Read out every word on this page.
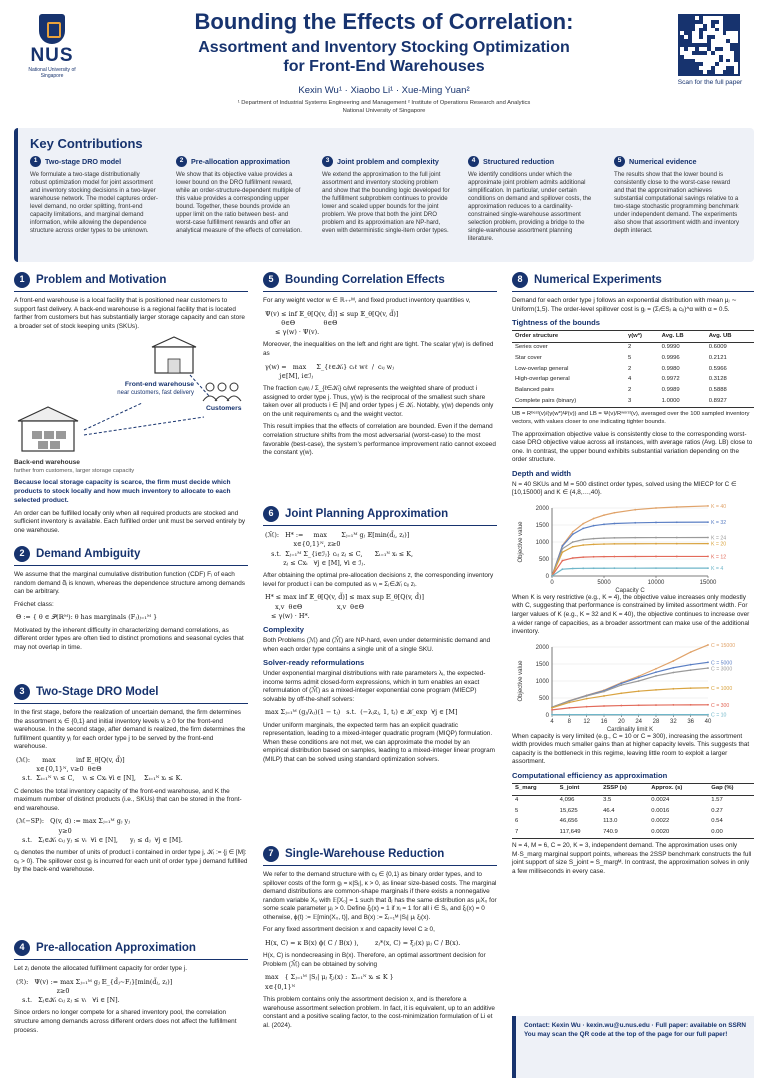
NUS
National University of Singapore
Bounding the Effects of Correlation:
Assortment and Inventory Stocking Optimization
for Front-End Warehouses
Kexin Wu¹ · Xiaobo Li¹ · Xue-Ming Yuan²
¹ Department of Industrial Systems Engineering and Management ² Institute of Operations Research and Analytics
National University of Singapore
Scan for the full paper
Key Contributions
1	Two-stage DRO model
We formulate a two-stage distributionally robust optimization model for joint assortment and inventory stocking decisions in a two-layer warehouse network. The model captures order-level demand, no order splitting, front-end capacity limitations, and marginal demand information, while allowing the dependence structure across order types to be unknown.
2	Pre-allocation approximation
We show that its objective value provides a lower bound on the DRO fulfillment reward, while an order-structure-dependent multiple of this value provides a corresponding upper bound. Together, these bounds provide an upper limit on the ratio between best- and worst-case fulfillment rewards and offer an analytical measure of the effects of correlation.
3	Joint problem and complexity
We extend the approximation to the full joint assortment and inventory stocking problem and show that the bounding logic developed for the fulfillment subproblem continues to provide lower and scaled upper bounds for the joint problem. We prove that both the joint DRO problem and its approximation are NP-hard, even with deterministic single-item order types.
4	Structured reduction
We identify conditions under which the approximate joint problem admits additional simplification. In particular, under certain conditions on demand and spillover costs, the approximation reduces to a cardinality-constrained single-warehouse assortment selection problem, providing a bridge to the single-warehouse assortment planning literature.
5	Numerical evidence
The results show that the lower bound is consistently close to the worst-case reward and that the approximation achieves substantial computational savings relative to a two-stage stochastic programming benchmark under independent demand. The experiments also show that assortment width and inventory depth interact.
1	Problem and Motivation
A front-end warehouse is a local facility that is positioned near customers to support fast delivery. A back-end warehouse is a regional facility that is located farther from customers but has substantially larger storage capacity and can store a broader set of stock keeping units (SKUs).
Front-end warehouse
near customers, fast delivery
Customers
Back-end warehouse
farther from customers, larger storage capacity
Because local storage capacity is scarce, the firm must decide which products to stock locally and how much inventory to allocate to each selected product.
An order can be fulfilled locally only when all required products are stocked and sufficient inventory is available. Each fulfilled order unit must be served entirely by one warehouse.
2	Demand Ambiguity
We assume that the marginal cumulative distribution function (CDF) Fⱼ of each random demand d̃ⱼ is known, whereas the dependence structure among demands can be arbitrary.
Fréchet class:
Θ := { θ ∈ 𝒫(ℝᴹ): θ has marginals (Fⱼ)ⱼ₌₁ᴹ }
Motivated by the inherent difficulty in characterizing demand correlations, as different order types are often tied to distinct promotions and seasonal cycles that may not overlap in time.
3	Two-Stage DRO Model
In the first stage, before the realization of uncertain demand, the firm determines the assortment xᵢ ∈ {0,1} and initial inventory levels vᵢ ≥ 0 for the front-end warehouse. In the second stage, after demand is realized, the firm determines the fulfillment quantity yⱼ for each order type j to be served by the front-end warehouse.
(ℳ):      max          inf 𝔼_θ[Q(v, d̃)]
x∈{0,1}ᴺ, v≥0  θ∈Θ
s.t.  Σᵢ₌₁ᴺ vᵢ ≤ C,    vᵢ ≤ Cxᵢ ∀i ∈ [N],    Σᵢ₌₁ᴺ xᵢ ≤ K.
C denotes the total inventory capacity of the front-end warehouse, and K the maximum number of distinct products (i.e., SKUs) that can be stored in the front-end warehouse.
(ℳ−SP):   Q(v, d) := max Σⱼ₌₁ᴹ gⱼ yⱼ
y≥0
s.t.   Σⱼ∈𝒦ᵢ cᵢⱼ yⱼ ≤ vᵢ  ∀i ∈ [N],      yⱼ ≤ dⱼ  ∀j ∈ [M].
cᵢⱼ denotes the number of units of product i contained in order type j, 𝒦ᵢ := {j ∈ [M]: cᵢⱼ > 0}. The spillover cost gⱼ is incurred for each unit of order type j demand fulfilled by the back-end warehouse.
4	Pre-allocation Approximation
Let zⱼ denote the allocated fulfillment capacity for order type j.
(ℛ):   Ψ(v) := max Σⱼ₌₁ᴹ gⱼ 𝔼_{d̃ⱼ∼Fⱼ}[min(d̃ⱼ, zⱼ)]
z≥0
s.t.   Σⱼ∈𝒦ᵢ cᵢⱼ zⱼ ≤ vᵢ   ∀i ∈ [N].
Since orders no longer compete for a shared inventory pool, the correlation structure among demands across different orders does not affect the fulfillment process.
5	Bounding Correlation Effects
For any weight vector w ∈ ℝ₊₊ᴹ, and fixed product inventory quantities v,
Ψ(v) ≤ inf 𝔼_θ[Q(v, d̃)] ≤ sup 𝔼_θ[Q(v, d̃)]
θ∈Θ              θ∈Θ
≤ γ(w) · Ψ(v).
Moreover, the inequalities on the left and right are tight. The scalar γ(w) is defined as
γ(w) =   max     Σ_{ℓ∈𝒦ᵢ} cᵢℓ wℓ  /  cᵢⱼ wⱼ
j∈[M], i∈ℐⱼ
The fraction cᵢⱼwⱼ / Σ_{ℓ∈𝒦ᵢ} cᵢℓwℓ represents the weighted share of product i assigned to order type j. Thus, γ(w) is the reciprocal of the smallest such share taken over all products i ∈ [N] and order types j ∈ 𝒦ᵢ. Notably, γ(w) depends only on the unit requirements cᵢⱼ and the weight vector.
This result implies that the effects of correlation are bounded. Even if the demand correlation structure shifts from the most adversarial (worst-case) to the most favorable (best-case), the system’s performance improvement ratio cannot exceed the constant γ(w).
6	Joint Planning Approximation
(ℳ̂):   H* :=     max       Σⱼ₌₁ᴹ gⱼ 𝔼[min(d̃ⱼ, zⱼ)]
x∈{0,1}ᴺ, z≥0
s.t.  Σⱼ₌₁ᴹ Σ_{i∈ℐⱼ} cᵢⱼ zⱼ ≤ C,      Σᵢ₌₁ᴺ xᵢ ≤ K,
zⱼ ≤ Cxᵢ   ∀j ∈ [M], ∀i ∈ ℐⱼ.
After obtaining the optimal pre-allocation decisions z, the corresponding inventory level for product i can be computed as vᵢ = Σⱼ∈𝒦ᵢ cᵢⱼ zⱼ.
H* ≤ max inf 𝔼_θ[Q(v, d̃)] ≤ max sup 𝔼_θ[Q(v, d̃)]
x,v  θ∈Θ                 x,v  θ∈Θ
≤ γ(w) · H*.
Complexity
Both Problems (ℳ) and (ℳ̂) are NP-hard, even under deterministic demand and when each order type contains a single unit of a single SKU.
Solver-ready reformulations
Under exponential marginal distributions with rate parameters λⱼ, the expected-income terms admit closed-form expressions, which in turn enables an exact reformulation of (ℳ̂) as a mixed-integer exponential cone program (MIECP) solvable by off-the-shelf solvers:
max Σⱼ₌₁ᴹ (gⱼ/λⱼ)(1 − tⱼ)   s.t.  (−λⱼzⱼ, 1, tⱼ) ∈ 𝒦_exp  ∀j ∈ [M]
Under uniform marginals, the expected term has an explicit quadratic representation, leading to a mixed-integer quadratic program (MIQP) formulation. When these conditions are not met, we can approximate the model by an empirical distribution based on samples, leading to a mixed-integer linear program (MILP) that can be solved using standard optimization solvers.
7	Single-Warehouse Reduction
We refer to the demand structure with cᵢⱼ ∈ {0,1} as binary order types, and to spillover costs of the form gⱼ = κ|Sⱼ|, κ > 0, as linear size-based costs. The marginal demand distributions are common-shape marginals if there exists a nonnegative random variable X₀ with 𝔼[X₀] = 1 such that d̃ⱼ has the same distribution as μⱼX₀ for some scale parameter μⱼ > 0. Define ξⱼ(x) = 1 if xᵢ = 1 for all i ∈ Sⱼ, and ξⱼ(x) = 0 otherwise, ϕ(t) := 𝔼[min(X₀, t)], and B(x) := Σⱼ₌₁ᴹ |Sⱼ| μⱼ ξⱼ(x).
For any fixed assortment decision x and capacity level C ≥ 0,
H(x, C) = κ B(x) ϕ( C / B(x) ),        zⱼ*(x, C) = ξⱼ(x) μⱼ C / B(x).
H(x, C) is nondecreasing in B(x). Therefore, an optimal assortment decision for Problem (ℳ̂) can be obtained by solving
max   { Σⱼ₌₁ᴹ |Sⱼ| μⱼ ξⱼ(x) :  Σᵢ₌₁ᴺ xᵢ ≤ K }
x∈{0,1}ᴺ
This problem contains only the assortment decision x, and is therefore a warehouse assortment selection problem. In fact, it is equivalent, up to an additive constant and a positive scaling factor, to the cost-minimization formulation of Li et al. (2024).
8	Numerical Experiments
Demand for each order type j follows an exponential distribution with mean μⱼ ∼ Uniform(1,5). The order-level spillover cost is gⱼ = (Σᵢ∈Sⱼ aᵢ cᵢⱼ)^α with α = 0.5.
Tightness of the bounds
Order structure	γ(w*)	Avg. LB	Avg. UB
Series cover	2	0.9990	0.6009
Star cover	5	0.9996	0.2121
Low-overlap general	2	0.9980	0.5966
High-overlap general	4	0.9972	0.3128
Balanced pairs	2	0.9989	0.5888
Complete pairs (binary)	3	1.0000	0.8927
UB = Rᵇᵉˢᵗ(v)/(γ(w*)Ψ(v)) and LB = Ψ(v)/Rʷᵒʳˢᵗ(v), averaged over the 100 sampled inventory vectors, with values closer to one indicating tighter bounds.
The approximation objective value is consistently close to the corresponding worst-case DRO objective value across all instances, with average ratios (Avg. LB) close to one. In contrast, the upper bound exhibits substantial variation depending on the order structure.
Depth and width
N = 40 SKUs and M = 500 distinct order types, solved using the MIECP for C ∈ [10,15000] and K ∈ {4,8,…,40}.
0
500
1000
1500
2000
0	5000	10000	15000
Capacity C
Objective value
K = 40
K = 32
K = 24
K = 20
K = 12
K = 4
When K is very restrictive (e.g., K = 4), the objective value increases only modestly with C, suggesting that performance is constrained by limited assortment width. For larger values of K (e.g., K = 32 and K = 40), the objective continues to increase over a wider range of capacities, as a broader assortment can make use of the additional inventory.
0
500
1000
1500
2000
4 8 12 16 20 24 28 32 36 40
Cardinality limit K
Objective value
C = 15000
C = 5000
C = 3000
C = 1000
C = 300
C = 10
When capacity is very limited (e.g., C = 10 or C = 300), increasing the assortment width provides much smaller gains than at higher capacity levels. This suggests that capacity is the bottleneck in this regime, leaving little room to exploit a larger assortment.
Computational efficiency as approximation
S_marg	S_joint	2SSP (s)	Approx. (s)	Gap (%)
4	4,096	3.5	0.0024	1.57
5	15,625	46.4	0.0016	0.27
6	46,656	113.0	0.0022	0.54
7	117,649	740.9	0.0020	0.00
N = 4, M = 6, C = 20, K = 3, independent demand. The approximation uses only M·S_marg marginal support points, whereas the 2SSP benchmark constructs the full joint support of size S_joint = S_margᴹ. In contrast, the approximation solves in only a few milliseconds in every case.
Contact: Kexin Wu · kexin.wu@u.nus.edu · Full paper: available on SSRN
You may scan the QR code at the top of the page for our full paper!
